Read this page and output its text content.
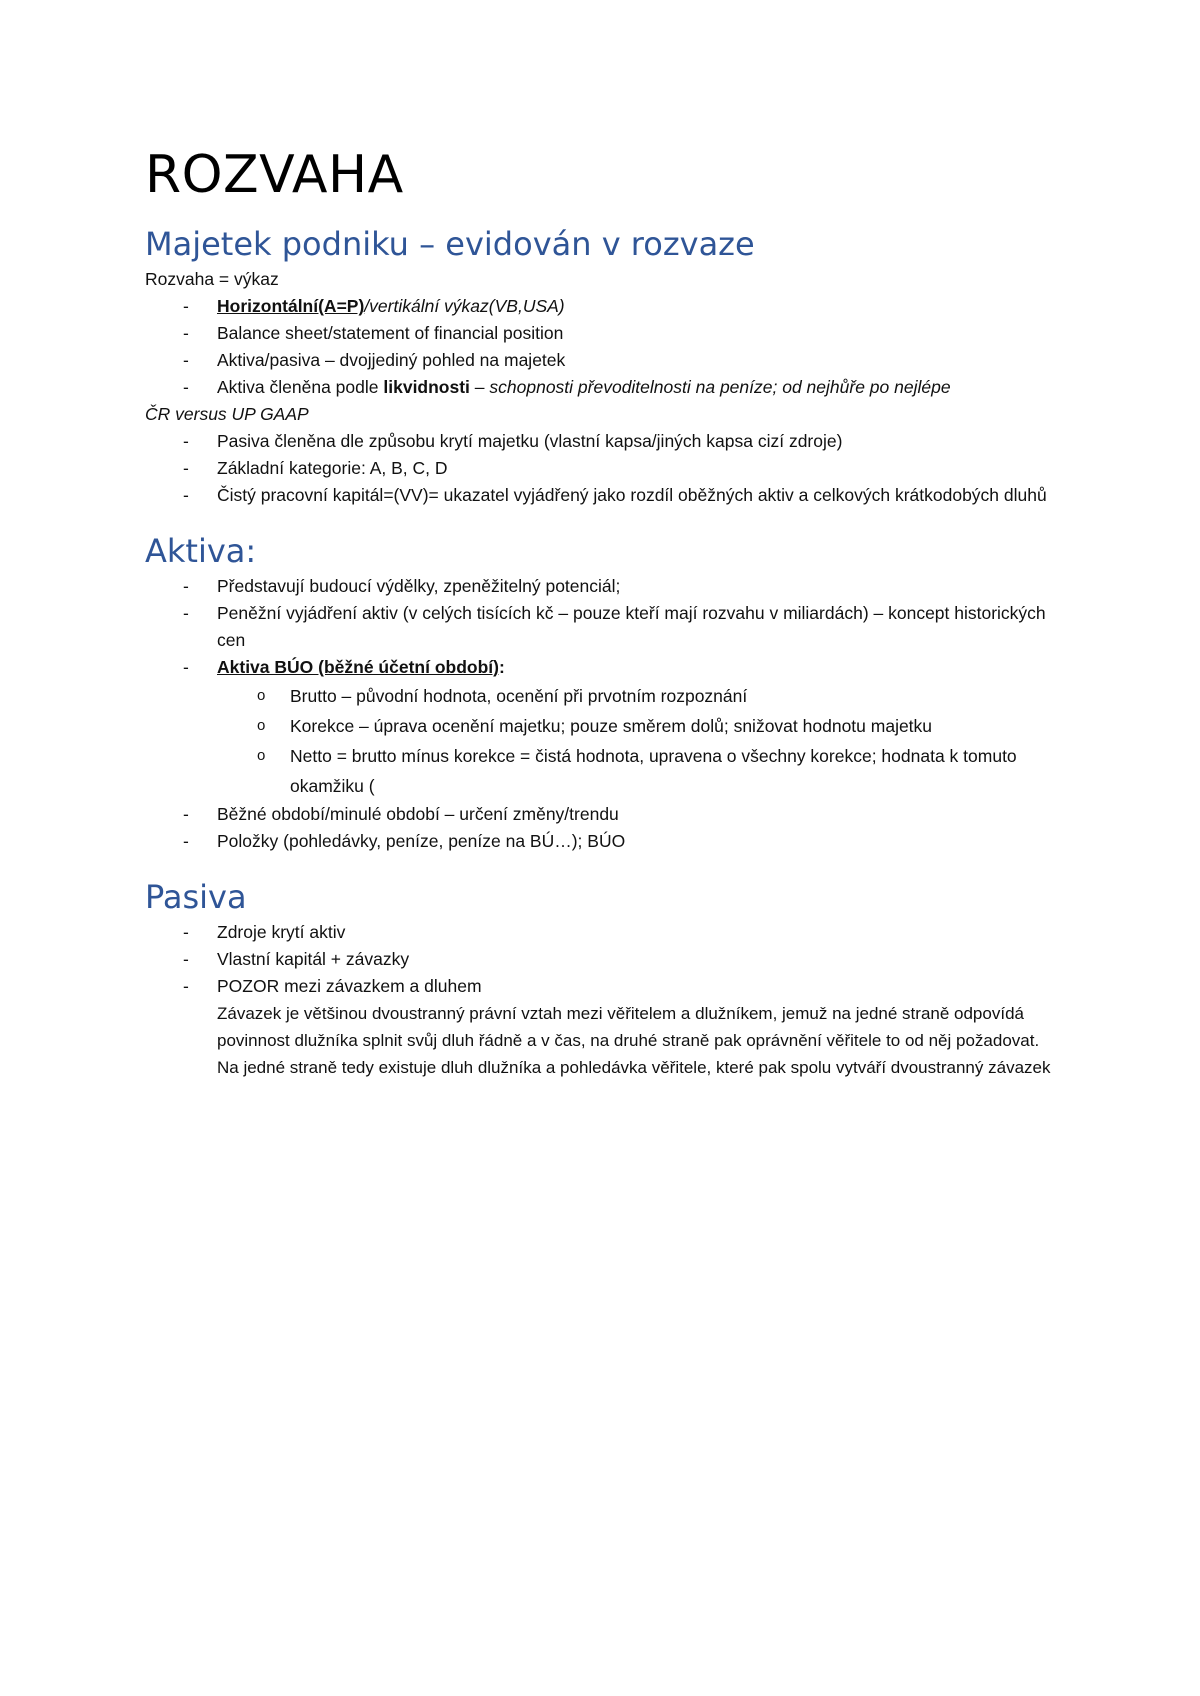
ROZVAHA
Majetek podniku – evidován v rozvaze

Rozvaha = výkaz

- Horizontální(A=P)/vertikální výkaz(VB,USA)
- Balance sheet/statement of financial position
- Aktiva/pasiva – dvojjediný pohled na majetek
- Aktiva členěna podle likvidnosti – schopnosti převoditelnosti na peníze; od nejhůře po nejlépe

ČR versus UP GAAP

- Pasiva členěna dle způsobu krytí majetku (vlastní kapsa/jiných kapsa cizí zdroje)
- Základní kategorie: A, B, C, D
- Čistý pracovní kapitál=(VV)= ukazatel vyjádřený jako rozdíl oběžných aktiv a celkových krátkodobých dluhů
Aktiva:
- Představují budoucí výdělky, zpeněžitelný potenciál;
- Peněžní vyjádření aktiv (v celých tisících kč – pouze kteří mají rozvahu v miliardách) – koncept historických cen
- Aktiva BÚO (běžné účetní období):
o Brutto – původní hodnota, ocenění při prvotním rozpoznání
o Korekce – úprava ocenění majetku; pouze směrem dolů; snižovat hodnotu majetku
o Netto = brutto mínus korekce = čistá hodnota, upravena o všechny korekce; hodnata k tomuto okamžiku (
- Běžné období/minulé období – určení změny/trendu
- Položky (pohledávky, peníze, peníze na BÚ…); BÚO
Pasiva
- Zdroje krytí aktiv
- Vlastní kapitál + závazky
- POZOR mezi závazkem a dluhem
Závazek je většinou dvoustranný právní vztah mezi věřitelem a dlužníkem, jemuž na jedné straně odpovídá povinnost dlužníka splnit svůj dluh řádně a v čas, na druhé straně pak oprávnění věřitele to od něj požadovat. Na jedné straně tedy existuje dluh dlužníka a pohledávka věřitele, které pak spolu vytváří dvoustranný závazek
